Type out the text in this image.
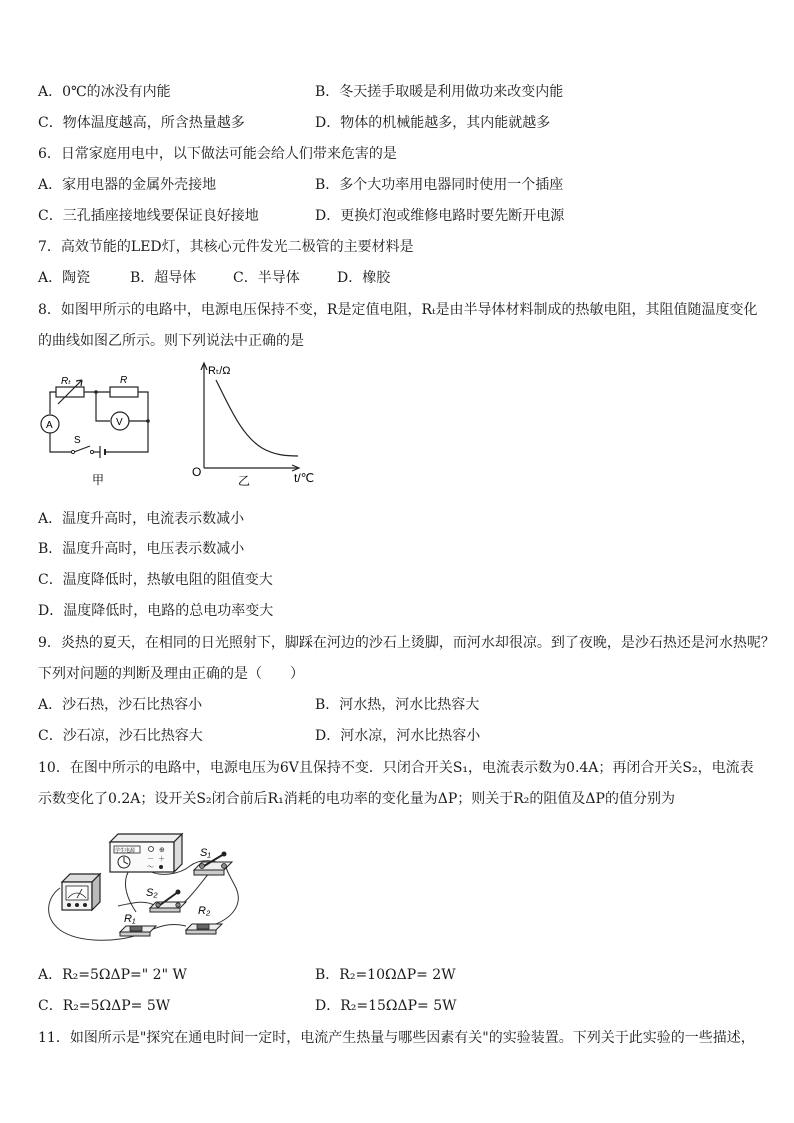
A．0℃的冰没有内能	B．冬天搓手取暖是利用做功来改变内能
C．物体温度越高，所含热量越多	D．物体的机械能越多，其内能就越多
6．日常家庭用电中，以下做法可能会给人们带来危害的是
A．家用电器的金属外壳接地	B．多个大功率用电器同时使用一个插座
C．三孔插座接地线要保证良好接地	D．更换灯泡或维修电路时要先断开电源
7．高效节能的LED灯，其核心元件发光二极管的主要材料是
A．陶瓷	B．超导体	C．半导体	D．橡胶
8．如图甲所示的电路中，电源电压保持不变，R是定值电阻，Rₜ是由半导体材料制成的热敏电阻，其阻值随温度变化
的曲线如图乙所示。则下列说法中正确的是
Rₜ	R
A	V
S
甲
Rₜ/Ω
O	t/℃
乙
A．温度升高时，电流表示数减小
B．温度升高时，电压表示数减小
C．温度降低时，热敏电阻的阻值变大
D．温度降低时，电路的总电功率变大
9．炎热的夏天，在相同的日光照射下，脚踩在河边的沙石上烫脚，而河水却很凉。到了夜晚，是沙石热还是河水热呢？
下列对问题的判断及理由正确的是（　　）
A．沙石热，沙石比热容小	B．河水热，河水比热容大
C．沙石凉，沙石比热容大	D．河水凉，河水比热容小
10．在图中所示的电路中，电源电压为6V且保持不变．只闭合开关S₁，电流表示数为0.4A；再闭合开关S₂，电流表
示数变化了0.2A；设开关S₂闭合前后R₁消耗的电功率的变化量为ΔP；则关于R₂的阻值及ΔP的值分别为
学生电源	⊕
－ ＋
～
S₁
S₂
R₁
R₂
A．R₂=5ΩΔP=" 2" W	B．R₂=10ΩΔP= 2W
C．R₂=5ΩΔP= 5W	D．R₂=15ΩΔP= 5W
11．如图所示是"探究在通电时间一定时，电流产生热量与哪些因素有关"的实验装置。下列关于此实验的一些描述，
